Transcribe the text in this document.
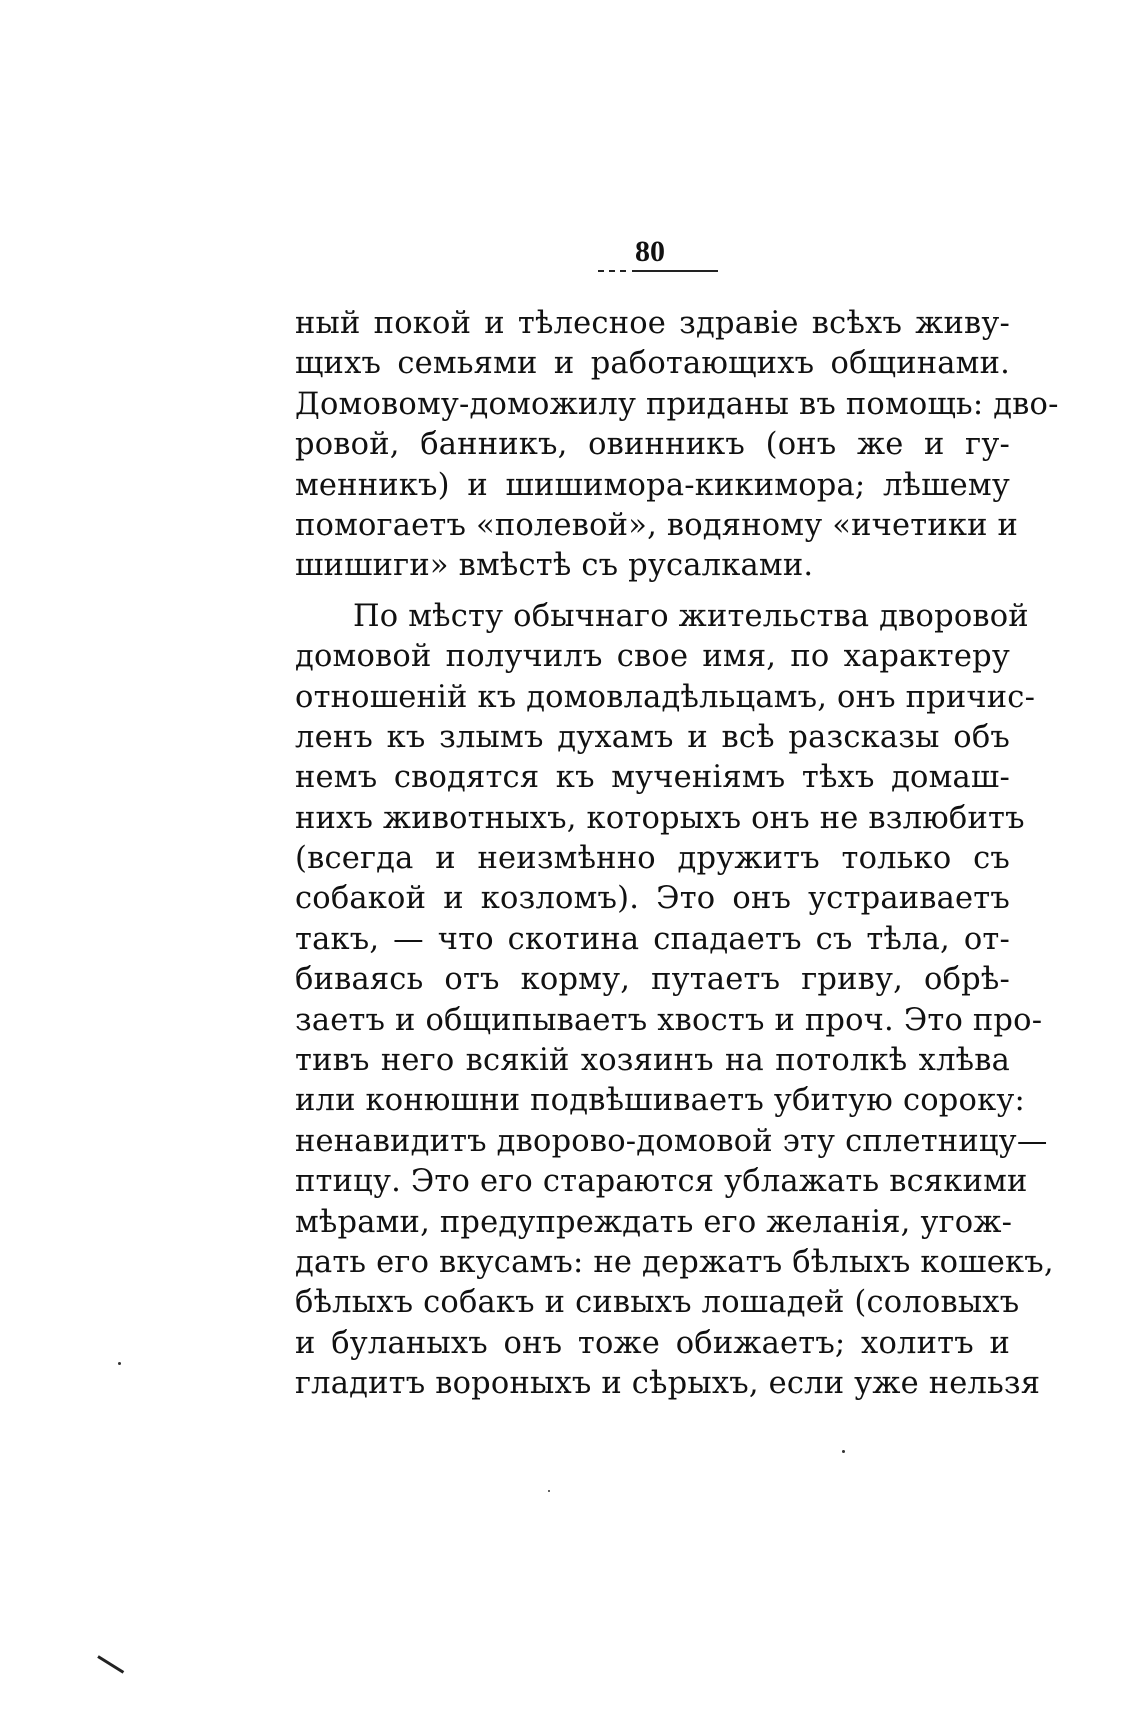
80
ный покой и тѣлесное здравіе всѣхъ живу-
щихъ семьями и работающихъ общинами.
Домовому-доможилу приданы въ помощь: дво-
ровой, банникъ, овинникъ (онъ же и гу-
менникъ) и шишимора-кикимора; лѣшему
помогаетъ «полевой», водяному «ичетики и
шишиги» вмѣстѣ съ русалками.
По мѣсту обычнаго жительства дворовой
домовой получилъ свое имя, по характеру
отношеній къ домовладѣльцамъ, онъ причис-
ленъ къ злымъ духамъ и всѣ разсказы объ
немъ сводятся къ мученіямъ тѣхъ домаш-
нихъ животныхъ, которыхъ онъ не взлюбитъ
(всегда и неизмѣнно дружитъ только съ
собакой и козломъ). Это онъ устраиваетъ
такъ, — что скотина спадаетъ съ тѣла, от-
биваясь отъ корму, путаетъ гриву, обрѣ-
заетъ и общипываетъ хвостъ и проч. Это про-
тивъ него всякій хозяинъ на потолкѣ хлѣва
или конюшни подвѣшиваетъ убитую сороку:
ненавидитъ дворово-домовой эту сплетницу—
птицу. Это его стараются ублажать всякими
мѣрами, предупреждать его желанія, угож-
дать его вкусамъ: не держатъ бѣлыхъ кошекъ,
бѣлыхъ собакъ и сивыхъ лошадей (соловыхъ
и буланыхъ онъ тоже обижаетъ; холитъ и
гладитъ вороныхъ и сѣрыхъ, если уже нельзя
